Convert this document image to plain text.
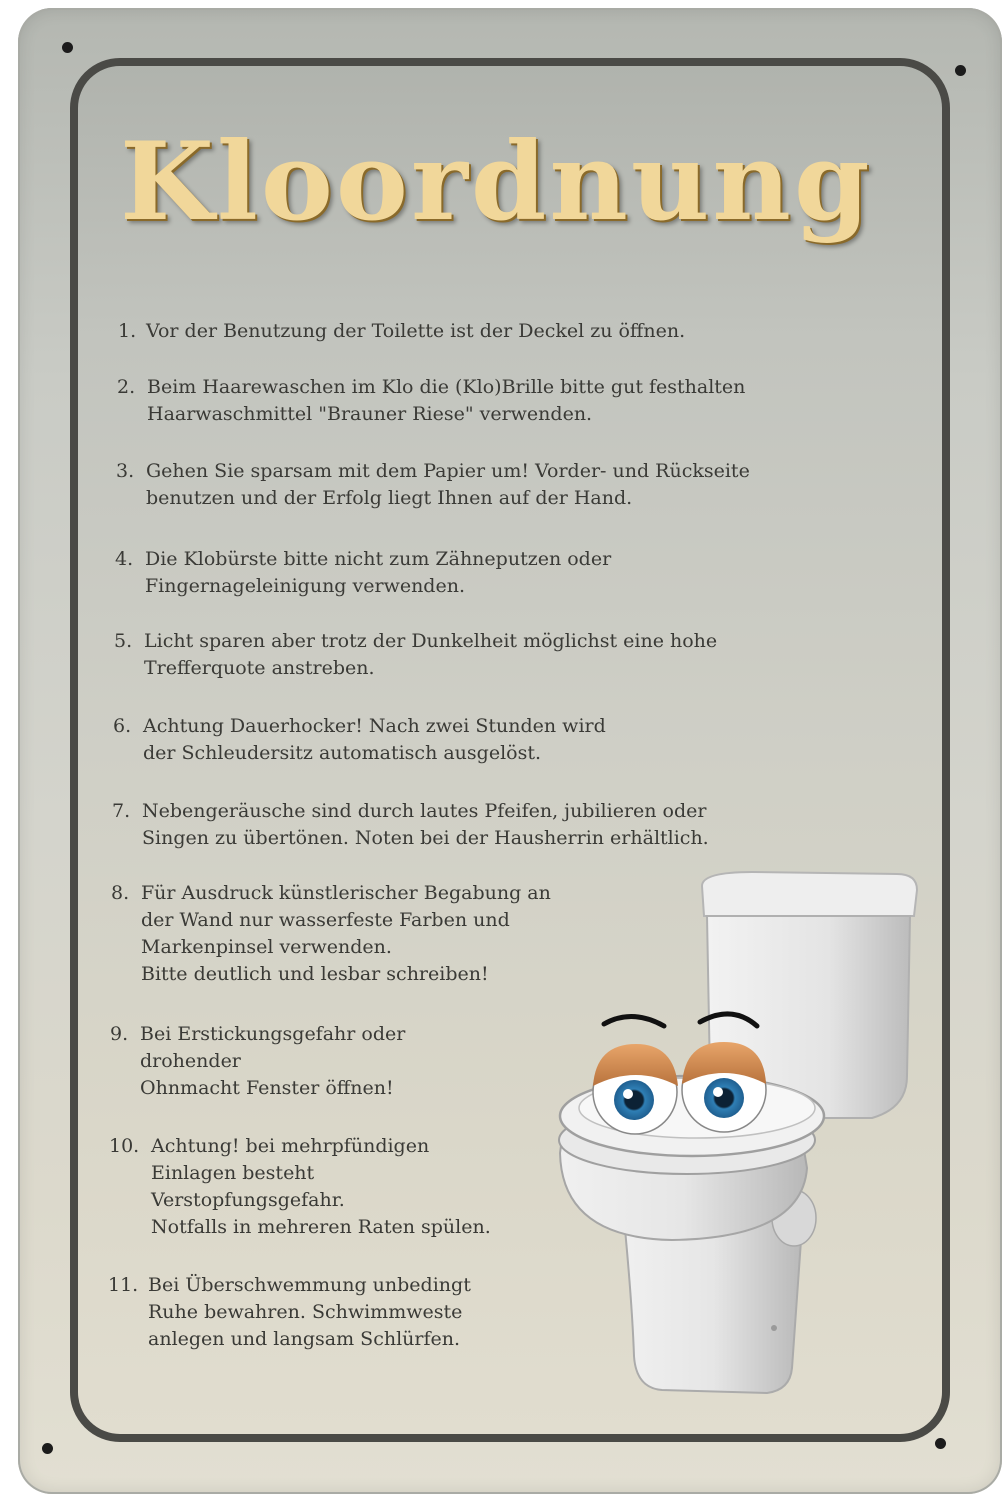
Kloordnung
1. Vor der Benutzung der Toilette ist der Deckel zu öffnen.
2. Beim Haarewaschen im Klo die (Klo)Brille bitte gut festhalten
Haarwaschmittel "Brauner Riese" verwenden.
3. Gehen Sie sparsam mit dem Papier um! Vorder- und Rückseite
benutzen und der Erfolg liegt Ihnen auf der Hand.
4. Die Klobürste bitte nicht zum Zähneputzen oder
Fingernageleinigung verwenden.
5. Licht sparen aber trotz der Dunkelheit möglichst eine hohe
Trefferquote anstreben.
6. Achtung Dauerhocker! Nach zwei Stunden wird
der Schleudersitz automatisch ausgelöst.
7. Nebengeräusche sind durch lautes Pfeifen, jubilieren oder
Singen zu übertönen. Noten bei der Hausherrin erhältlich.
8. Für Ausdruck künstlerischer Begabung an
der Wand nur wasserfeste Farben und
Markenpinsel verwenden.
Bitte deutlich und lesbar schreiben!
9. Bei Erstickungsgefahr oder
drohender
Ohnmacht Fenster öffnen!
10. Achtung! bei mehrpfündigen
Einlagen besteht
Verstopfungsgefahr.
Notfalls in mehreren Raten spülen.
11. Bei Überschwemmung unbedingt
Ruhe bewahren. Schwimmweste
anlegen und langsam Schlürfen.
